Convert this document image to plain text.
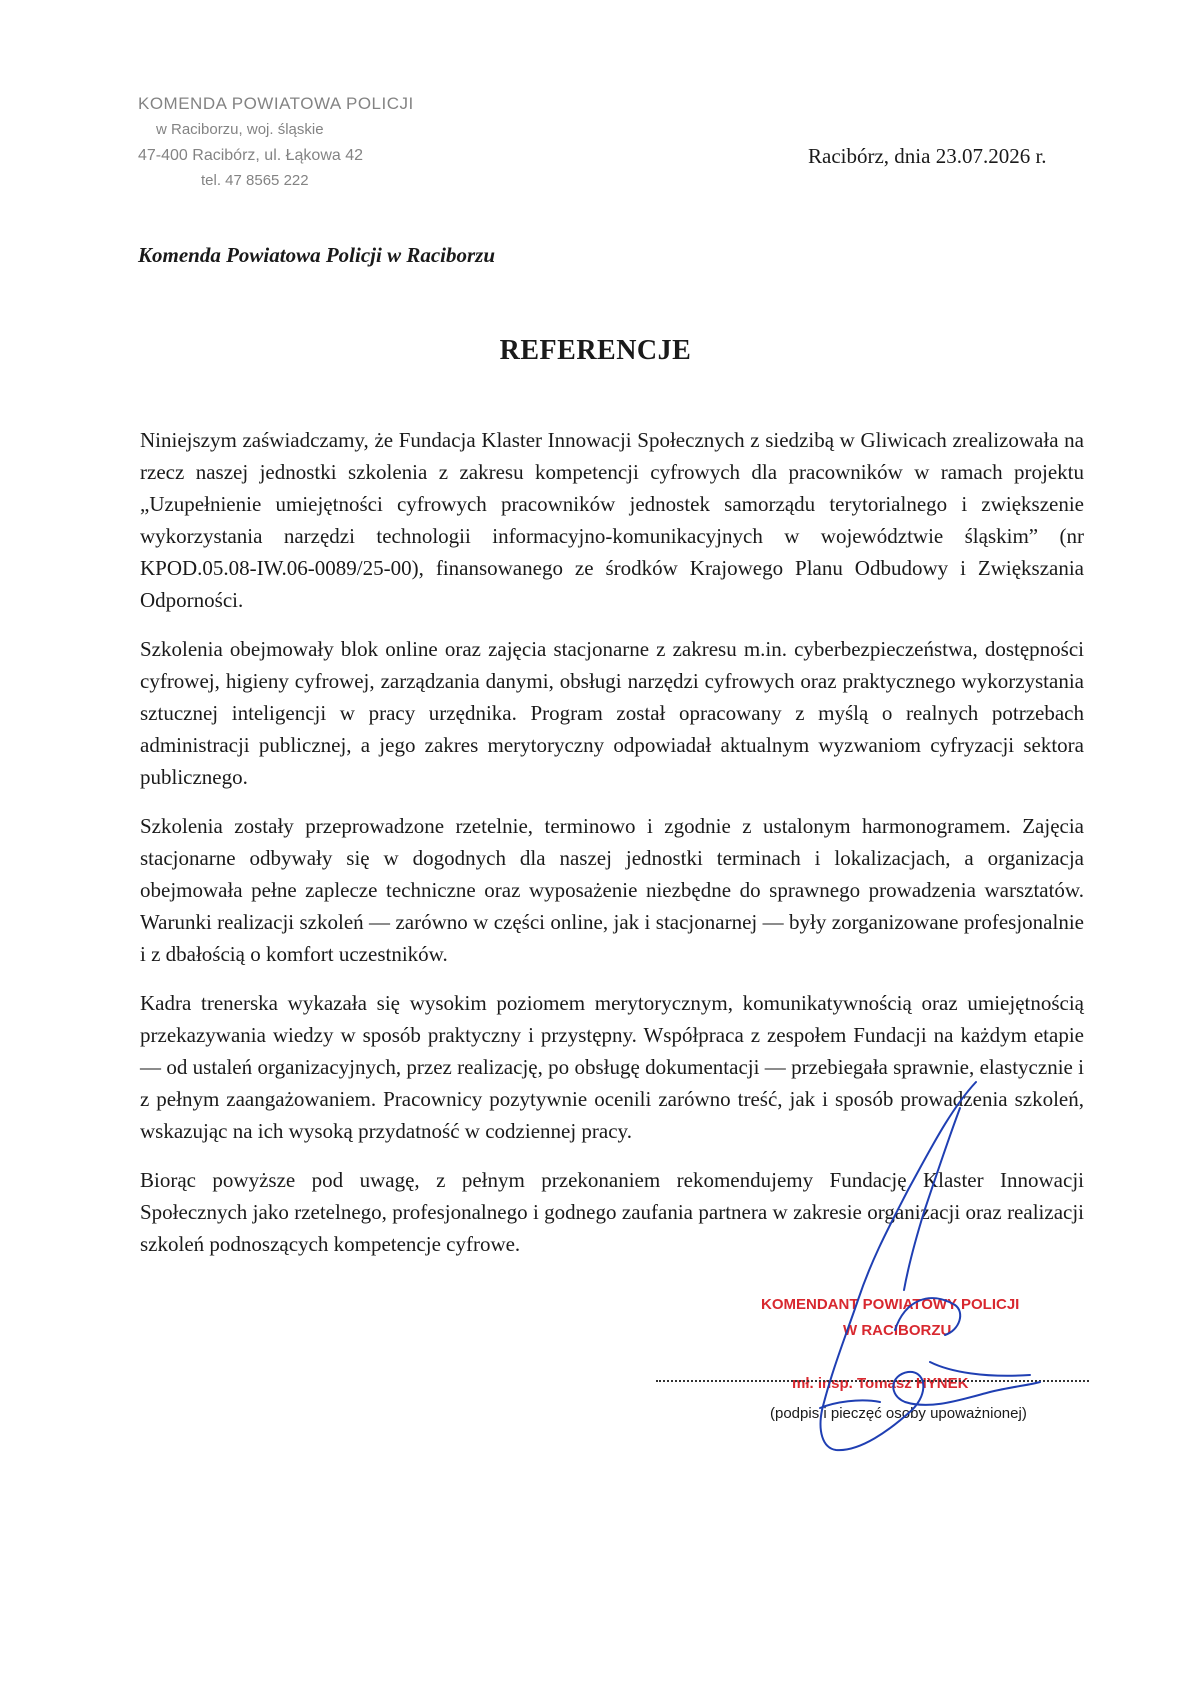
KOMENDA POWIATOWA POLICJI
w Raciborzu, woj. śląskie
47-400 Racibórz, ul. Łąkowa 42
tel. 47 8565 222
Racibórz, dnia 23.07.2026 r.
Komenda Powiatowa Policji w Raciborzu
REFERENCJE

Niniejszym zaświadczamy, że Fundacja Klaster Innowacji Społecznych z siedzibą w Gliwicach zrealizowała na rzecz naszej jednostki szkolenia z zakresu kompetencji cyfrowych dla pracowników w ramach projektu „Uzupełnienie umiejętności cyfrowych pracowników jednostek samorządu terytorialnego i zwiększenie wykorzystania narzędzi technologii informacyjno-komunikacyjnych w województwie śląskim” (nr KPOD.05.08-IW.06-0089/25-00), finansowanego ze środków Krajowego Planu Odbudowy i Zwiększania Odporności.

Szkolenia obejmowały blok online oraz zajęcia stacjonarne z zakresu m.in. cyberbezpieczeństwa, dostępności cyfrowej, higieny cyfrowej, zarządzania danymi, obsługi narzędzi cyfrowych oraz praktycznego wykorzystania sztucznej inteligencji w pracy urzędnika. Program został opracowany z myślą o realnych potrzebach administracji publicznej, a jego zakres merytoryczny odpowiadał aktualnym wyzwaniom cyfryzacji sektora publicznego.

Szkolenia zostały przeprowadzone rzetelnie, terminowo i zgodnie z ustalonym harmonogramem. Zajęcia stacjonarne odbywały się w dogodnych dla naszej jednostki terminach i lokalizacjach, a organizacja obejmowała pełne zaplecze techniczne oraz wyposażenie niezbędne do sprawnego prowadzenia warsztatów. Warunki realizacji szkoleń — zarówno w części online, jak i stacjonarnej — były zorganizowane profesjonalnie i z dbałością o komfort uczestników.

Kadra trenerska wykazała się wysokim poziomem merytorycznym, komunikatywnością oraz umiejętnością przekazywania wiedzy w sposób praktyczny i przystępny. Współpraca z zespołem Fundacji na każdym etapie — od ustaleń organizacyjnych, przez realizację, po obsługę dokumentacji — przebiegała sprawnie, elastycznie i z pełnym zaangażowaniem. Pracownicy pozytywnie ocenili zarówno treść, jak i sposób prowadzenia szkoleń, wskazując na ich wysoką przydatność w codziennej pracy.

Biorąc powyższe pod uwagę, z pełnym przekonaniem rekomendujemy Fundację Klaster Innowacji Społecznych jako rzetelnego, profesjonalnego i godnego zaufania partnera w zakresie organizacji oraz realizacji szkoleń podnoszących kompetencje cyfrowe.

KOMENDANT POWIATOWY POLICJI
W RACIBORZU
mł. insp. Tomasz HYNEK
(podpis i pieczęć osoby upoważnionej)
